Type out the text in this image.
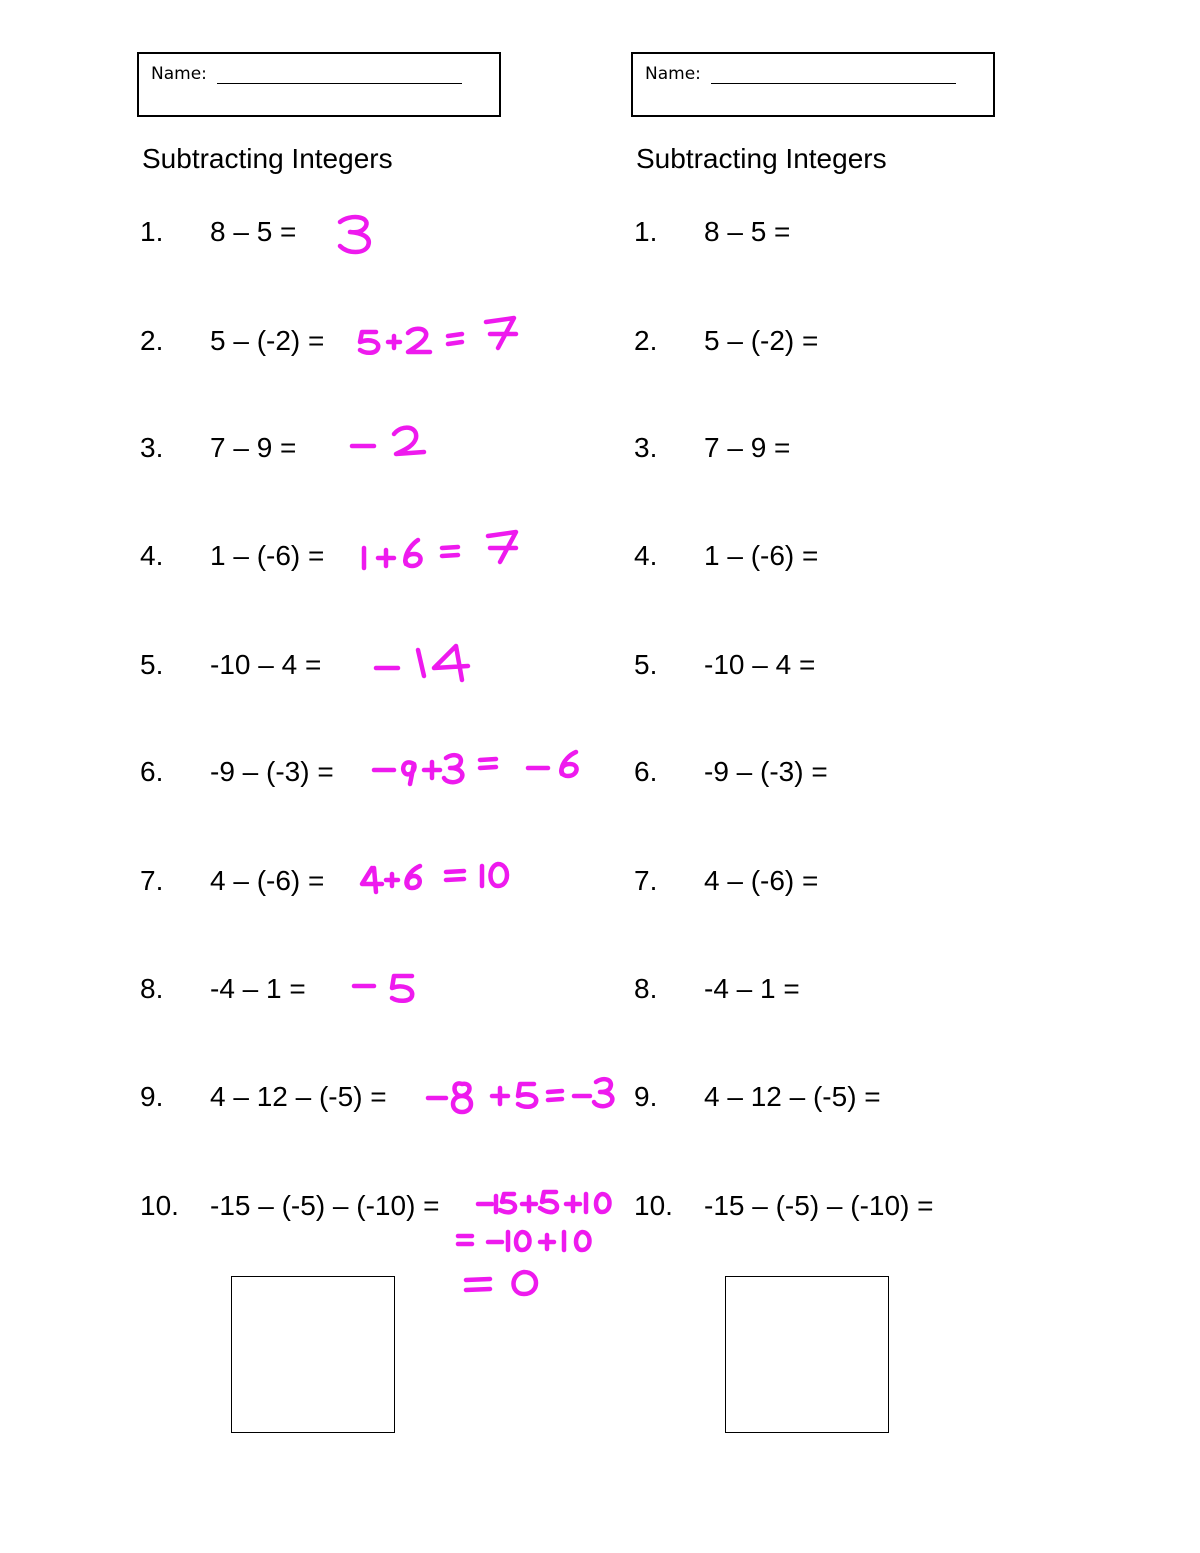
Name:
Subtracting Integers
1. 8 – 5 =
2. 5 – (-2) =
3. 7 – 9 =
4. 1 – (-6) =
5. -10 – 4 =
6. -9 – (-3) =
7. 4 – (-6) =
8. -4 – 1 =
9. 4 – 12 – (-5) =
10. -15 – (-5) – (-10) =
Name:
Subtracting Integers
1. 8 – 5 =
2. 5 – (-2) =
3. 7 – 9 =
4. 1 – (-6) =
5. -10 – 4 =
6. -9 – (-3) =
7. 4 – (-6) =
8. -4 – 1 =
9. 4 – 12 – (-5) =
10. -15 – (-5) – (-10) =
